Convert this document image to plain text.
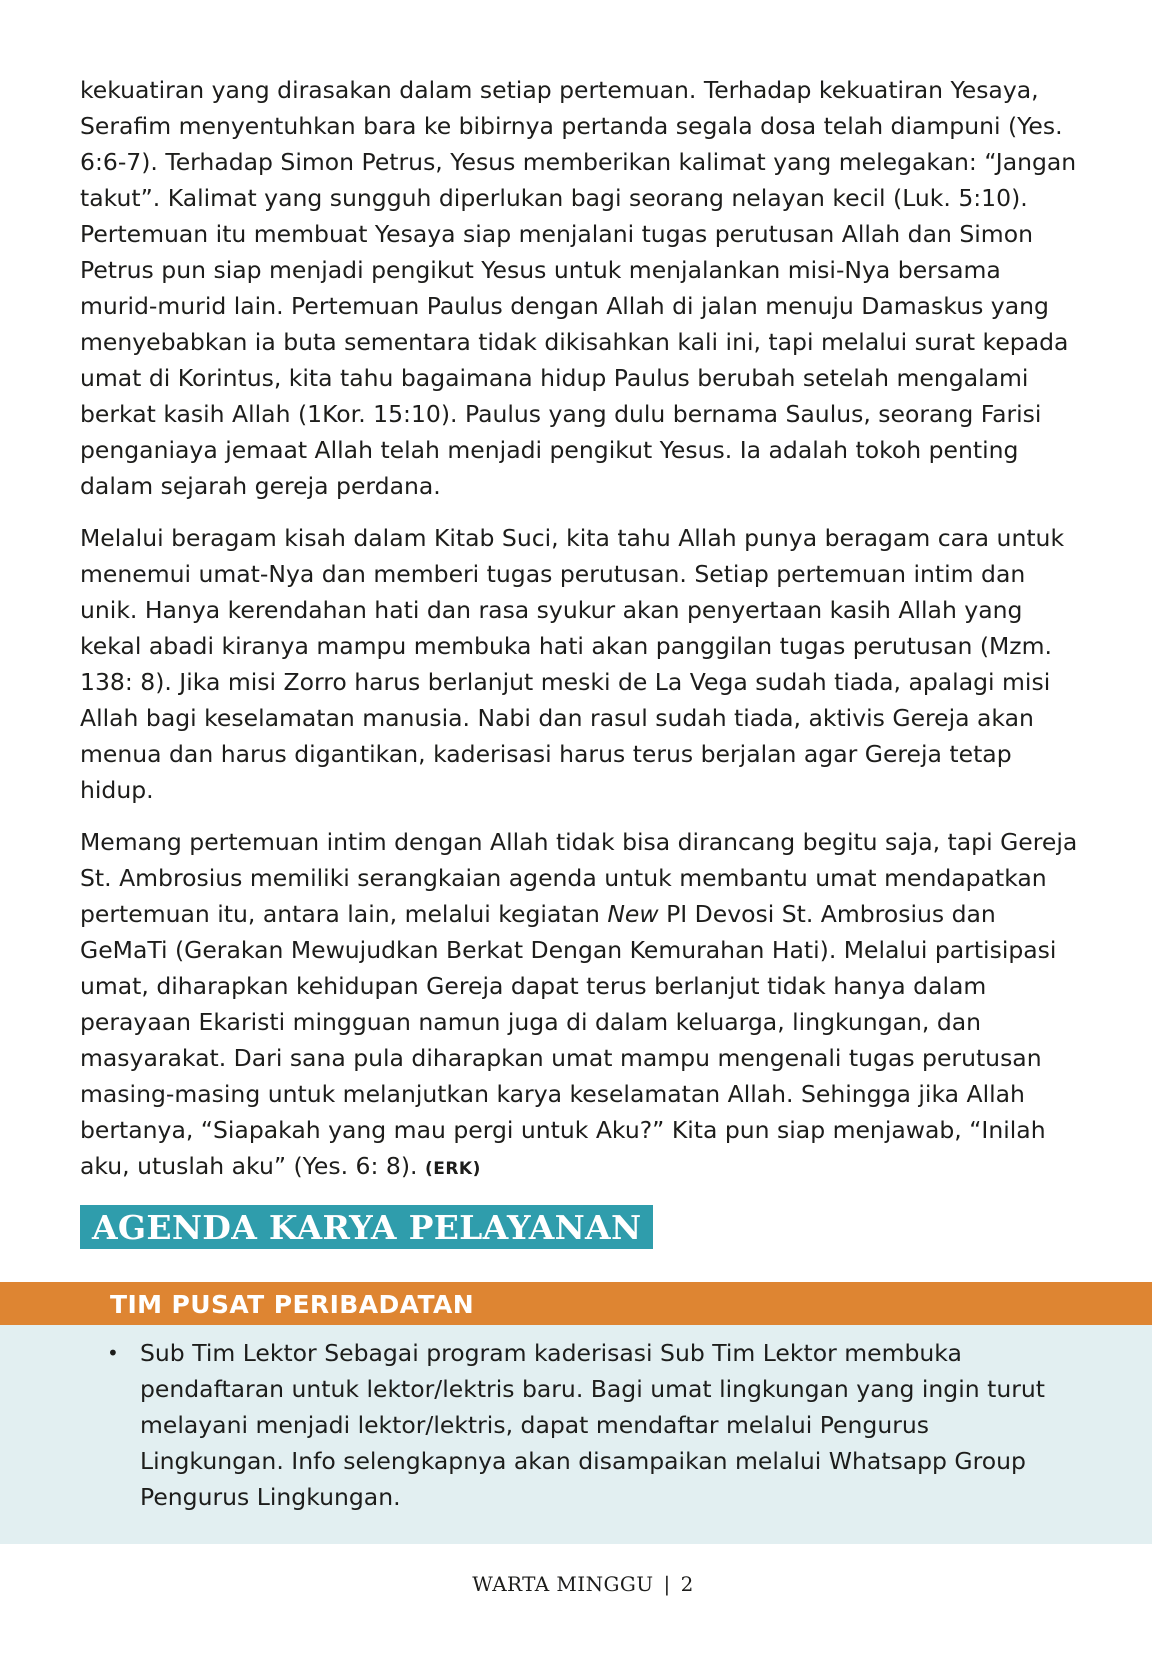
kekuatiran yang dirasakan dalam setiap pertemuan. Terhadap kekuatiran Yesaya, Serafim menyentuhkan bara ke bibirnya pertanda segala dosa telah diampuni (Yes. 6:6-7). Terhadap Simon Petrus, Yesus memberikan kalimat yang melegakan: “Jangan takut”. Kalimat yang sungguh diperlukan bagi seorang nelayan kecil (Luk. 5:10). Pertemuan itu membuat Yesaya siap menjalani tugas perutusan Allah dan Simon Petrus pun siap menjadi pengikut Yesus untuk menjalankan misi-Nya bersama murid-murid lain. Pertemuan Paulus dengan Allah di jalan menuju Damaskus yang menyebabkan ia buta sementara tidak dikisahkan kali ini, tapi melalui surat kepada umat di Korintus, kita tahu bagaimana hidup Paulus berubah setelah mengalami berkat kasih Allah (1Kor. 15:10). Paulus yang dulu bernama Saulus, seorang Farisi penganiaya jemaat Allah telah menjadi pengikut Yesus. Ia adalah tokoh penting dalam sejarah gereja perdana.

Melalui beragam kisah dalam Kitab Suci, kita tahu Allah punya beragam cara untuk menemui umat-Nya dan memberi tugas perutusan. Setiap pertemuan intim dan unik. Hanya kerendahan hati dan rasa syukur akan penyertaan kasih Allah yang kekal abadi kiranya mampu membuka hati akan panggilan tugas perutusan (Mzm. 138: 8). Jika misi Zorro harus berlanjut meski de La Vega sudah tiada, apalagi misi Allah bagi keselamatan manusia. Nabi dan rasul sudah tiada, aktivis Gereja akan menua dan harus digantikan, kaderisasi harus terus berjalan agar Gereja tetap hidup.

Memang pertemuan intim dengan Allah tidak bisa dirancang begitu saja, tapi Gereja St. Ambrosius memiliki serangkaian agenda untuk membantu umat mendapatkan pertemuan itu, antara lain, melalui kegiatan New PI Devosi St. Ambrosius dan GeMaTi (Gerakan Mewujudkan Berkat Dengan Kemurahan Hati). Melalui partisipasi umat, diharapkan kehidupan Gereja dapat terus berlanjut tidak hanya dalam perayaan Ekaristi mingguan namun juga di dalam keluarga, lingkungan, dan masyarakat. Dari sana pula diharapkan umat mampu mengenali tugas perutusan masing-masing untuk melanjutkan karya keselamatan Allah. Sehingga jika Allah bertanya, “Siapakah yang mau pergi untuk Aku?” Kita pun siap menjawab, “Inilah aku, utuslah aku” (Yes. 6: 8). (ERK)

AGENDA KARYA PELAYANAN
TIM PUSAT PERIBADATAN
• Sub Tim Lektor Sebagai program kaderisasi Sub Tim Lektor membuka pendaftaran untuk lektor/lektris baru. Bagi umat lingkungan yang ingin turut melayani menjadi lektor/lektris, dapat mendaftar melalui Pengurus Lingkungan. Info selengkapnya akan disampaikan melalui Whatsapp Group Pengurus Lingkungan.
WARTA MINGGU | 2
